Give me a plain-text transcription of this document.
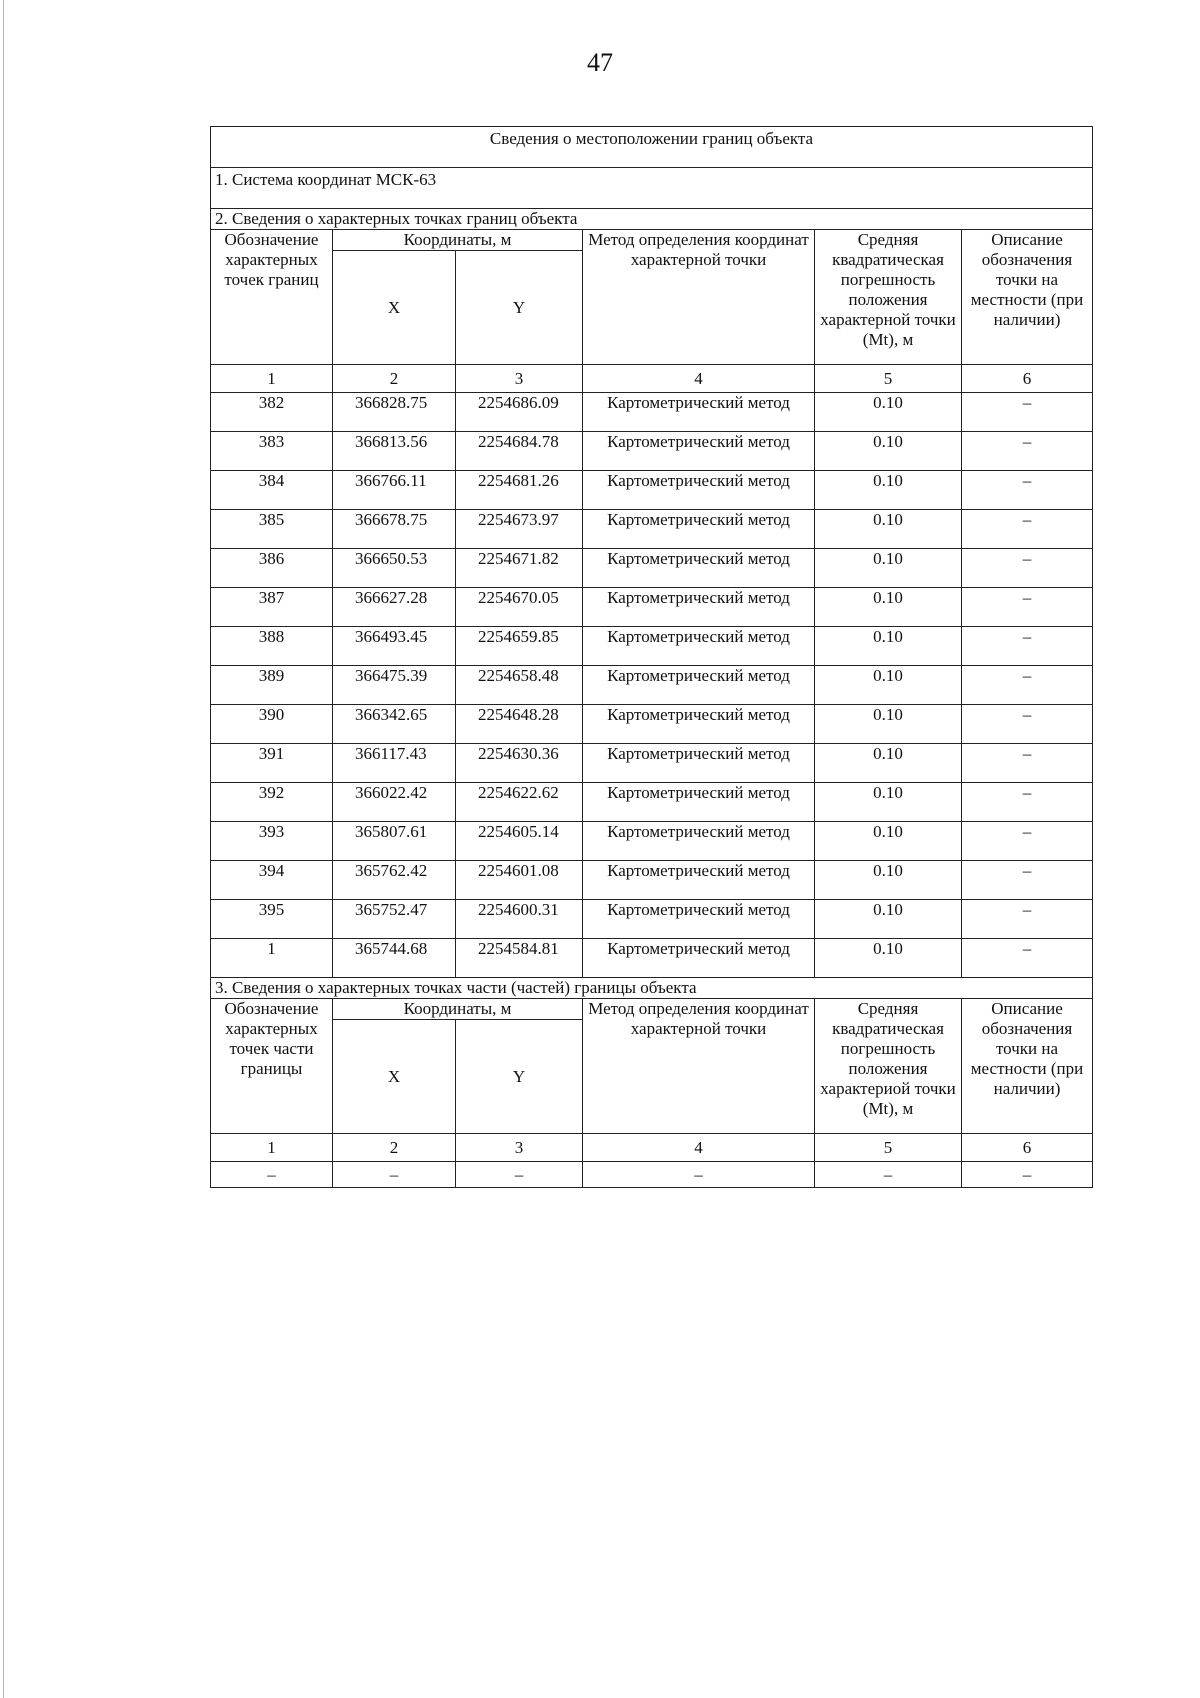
47
Сведения о местоположении границ объекта					
1. Система координат МСК-63					
2. Сведения о характерных точках границ объекта					
Обозначение характерных точек границ	Координаты, м		Метод определения координат характерной точки	Средняя квадратическая погрешность положения характерной точки (Mt), м	Описание обозначения точки на местности (при наличии)
	X	Y			
1	2	3	4	5	6
382	366828.75	2254686.09	Картометрический метод	0.10	–
383	366813.56	2254684.78	Картометрический метод	0.10	–
384	366766.11	2254681.26	Картометрический метод	0.10	–
385	366678.75	2254673.97	Картометрический метод	0.10	–
386	366650.53	2254671.82	Картометрический метод	0.10	–
387	366627.28	2254670.05	Картометрический метод	0.10	–
388	366493.45	2254659.85	Картометрический метод	0.10	–
389	366475.39	2254658.48	Картометрический метод	0.10	–
390	366342.65	2254648.28	Картометрический метод	0.10	–
391	366117.43	2254630.36	Картометрический метод	0.10	–
392	366022.42	2254622.62	Картометрический метод	0.10	–
393	365807.61	2254605.14	Картометрический метод	0.10	–
394	365762.42	2254601.08	Картометрический метод	0.10	–
395	365752.47	2254600.31	Картометрический метод	0.10	–
1	365744.68	2254584.81	Картометрический метод	0.10	–
3. Сведения о характерных точках части (частей) границы объекта					
Обозначение характерных точек части границы	Координаты, м		Метод определения координат характерной точки	Средняя квадратическая погрешность положения характериой точки (Mt), м	Описание обозначения точки на местности (при наличии)
	X	Y			
1	2	3	4	5	6
–	–	–	–	–	–
